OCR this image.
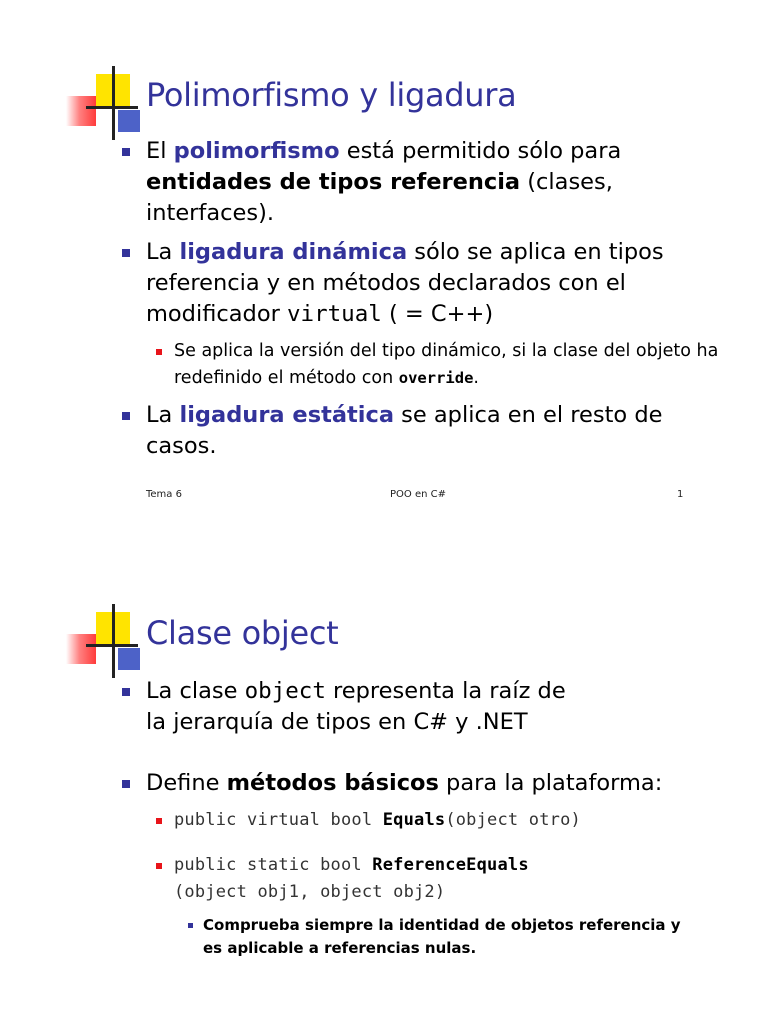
Polimorfismo y ligadura
El polimorfismo está permitido sólo para
entidades de tipos referencia (clases, interfaces).
La ligadura dinámica sólo se aplica en tipos referencia y en métodos declarados con el modificador virtual ( = C++)
Se aplica la versión del tipo dinámico, si la clase del objeto ha redefinido el método con override.
La ligadura estática se aplica en el resto de casos.
Tema 6	POO en C#	1
Clase object
La clase object representa la raíz de
la jerarquía de tipos en C# y .NET
Define métodos básicos para la plataforma:
public virtual bool Equals(object otro)
public static bool ReferenceEquals
(object obj1, object obj2)
Comprueba siempre la identidad de objetos referencia y
es aplicable a referencias nulas.
